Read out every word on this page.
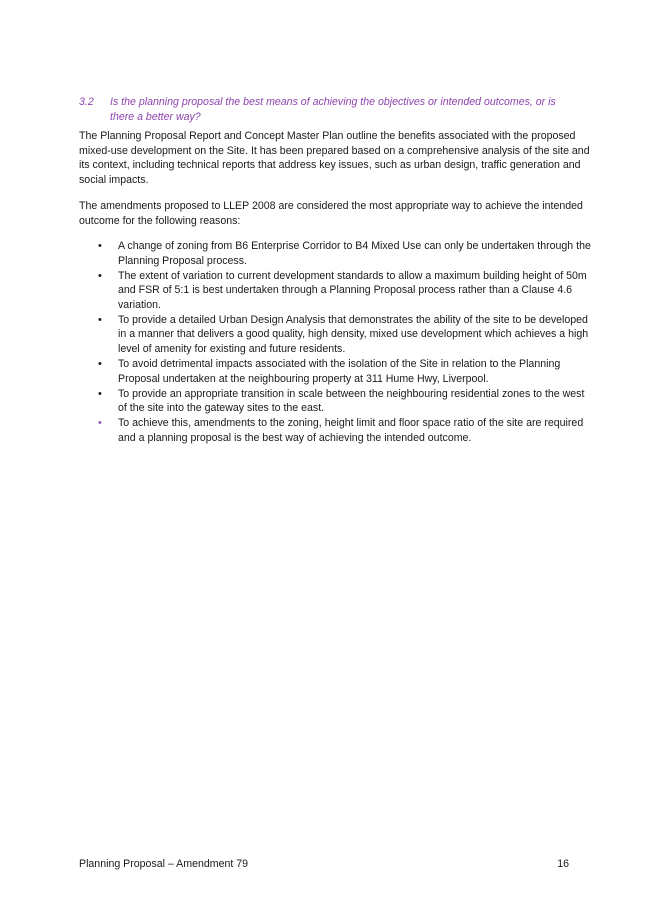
3.2 Is the planning proposal the best means of achieving the objectives or intended outcomes, or is there a better way?

The Planning Proposal Report and Concept Master Plan outline the benefits associated with the proposed mixed-use development on the Site. It has been prepared based on a comprehensive analysis of the site and its context, including technical reports that address key issues, such as urban design, traffic generation and social impacts.

The amendments proposed to LLEP 2008 are considered the most appropriate way to achieve the intended outcome for the following reasons:

• A change of zoning from B6 Enterprise Corridor to B4 Mixed Use can only be undertaken through the Planning Proposal process.
• The extent of variation to current development standards to allow a maximum building height of 50m and FSR of 5:1 is best undertaken through a Planning Proposal process rather than a Clause 4.6 variation.
• To provide a detailed Urban Design Analysis that demonstrates the ability of the site to be developed in a manner that delivers a good quality, high density, mixed use development which achieves a high level of amenity for existing and future residents.
• To avoid detrimental impacts associated with the isolation of the Site in relation to the Planning Proposal undertaken at the neighbouring property at 311 Hume Hwy, Liverpool.
• To provide an appropriate transition in scale between the neighbouring residential zones to the west of the site into the gateway sites to the east.
• To achieve this, amendments to the zoning, height limit and floor space ratio of the site are required and a planning proposal is the best way of achieving the intended outcome.
Planning Proposal – Amendment 79	16
